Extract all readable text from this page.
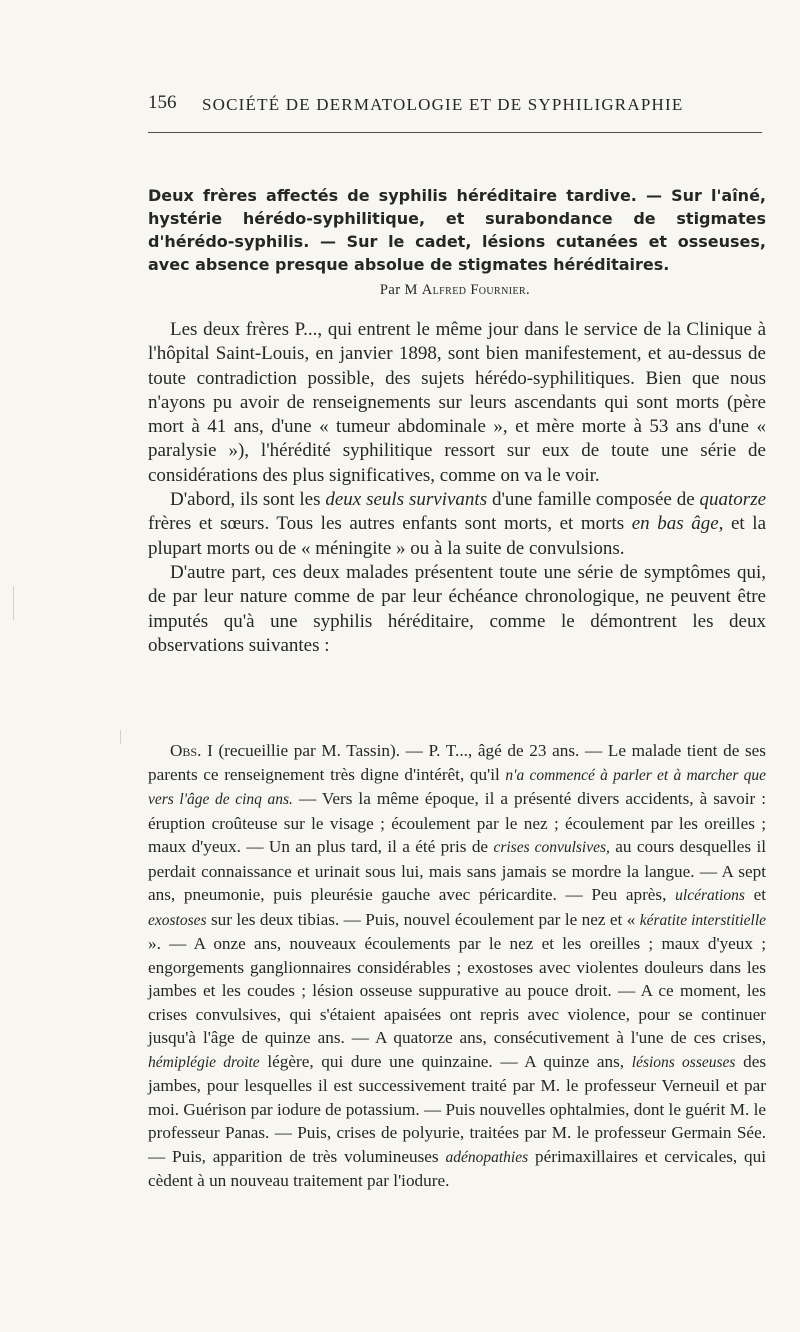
156 SOCIÉTÉ DE DERMATOLOGIE ET DE SYPHILIGRAPHIE
Deux frères affectés de syphilis héréditaire tardive. — Sur l'aîné, hystérie hérédo-syphilitique, et surabondance de stigmates d'hérédo-syphilis. — Sur le cadet, lésions cutanées et osseuses, avec absence presque absolue de stigmates héréditaires.
Par M Alfred Fournier.

Les deux frères P..., qui entrent le même jour dans le service de la Clinique à l'hôpital Saint-Louis, en janvier 1898, sont bien manifestement, et au-dessus de toute contradiction possible, des sujets hérédo-syphilitiques. Bien que nous n'ayons pu avoir de renseignements sur leurs ascendants qui sont morts (père mort à 41 ans, d'une « tumeur abdominale », et mère morte à 53 ans d'une « paralysie »), l'hérédité syphilitique ressort sur eux de toute une série de considérations des plus significatives, comme on va le voir.

D'abord, ils sont les deux seuls survivants d'une famille composée de quatorze frères et sœurs. Tous les autres enfants sont morts, et morts en bas âge, et la plupart morts ou de « méningite » ou à la suite de convulsions.

D'autre part, ces deux malades présentent toute une série de symptômes qui, de par leur nature comme de par leur échéance chronologique, ne peuvent être imputés qu'à une syphilis héréditaire, comme le démontrent les deux observations suivantes :

Obs. I (recueillie par M. Tassin). — P. T..., âgé de 23 ans. — Le malade tient de ses parents ce renseignement très digne d'intérêt, qu'il n'a commencé à parler et à marcher que vers l'âge de cinq ans. — Vers la même époque, il a présenté divers accidents, à savoir : éruption croûteuse sur le visage ; écoulement par le nez ; écoulement par les oreilles ; maux d'yeux. — Un an plus tard, il a été pris de crises convulsives, au cours desquelles il perdait connaissance et urinait sous lui, mais sans jamais se mordre la langue. — A sept ans, pneumonie, puis pleurésie gauche avec péricardite. — Peu après, ulcérations et exostoses sur les deux tibias. — Puis, nouvel écoulement par le nez et « kératite interstitielle ». — A onze ans, nouveaux écoulements par le nez et les oreilles ; maux d'yeux ; engorgements ganglionnaires considérables ; exostoses avec violentes douleurs dans les jambes et les coudes ; lésion osseuse suppurative au pouce droit. — A ce moment, les crises convulsives, qui s'étaient apaisées ont repris avec violence, pour se continuer jusqu'à l'âge de quinze ans. — A quatorze ans, consécutivement à l'une de ces crises, hémiplégie droite légère, qui dure une quinzaine. — A quinze ans, lésions osseuses des jambes, pour lesquelles il est successivement traité par M. le professeur Verneuil et par moi. Guérison par iodure de potassium. — Puis nouvelles ophtalmies, dont le guérit M. le professeur Panas. — Puis, crises de polyurie, traitées par M. le professeur Germain Sée. — Puis, apparition de très volumineuses adénopathies périmaxillaires et cervicales, qui cèdent à un nouveau traitement par l'iodure.
